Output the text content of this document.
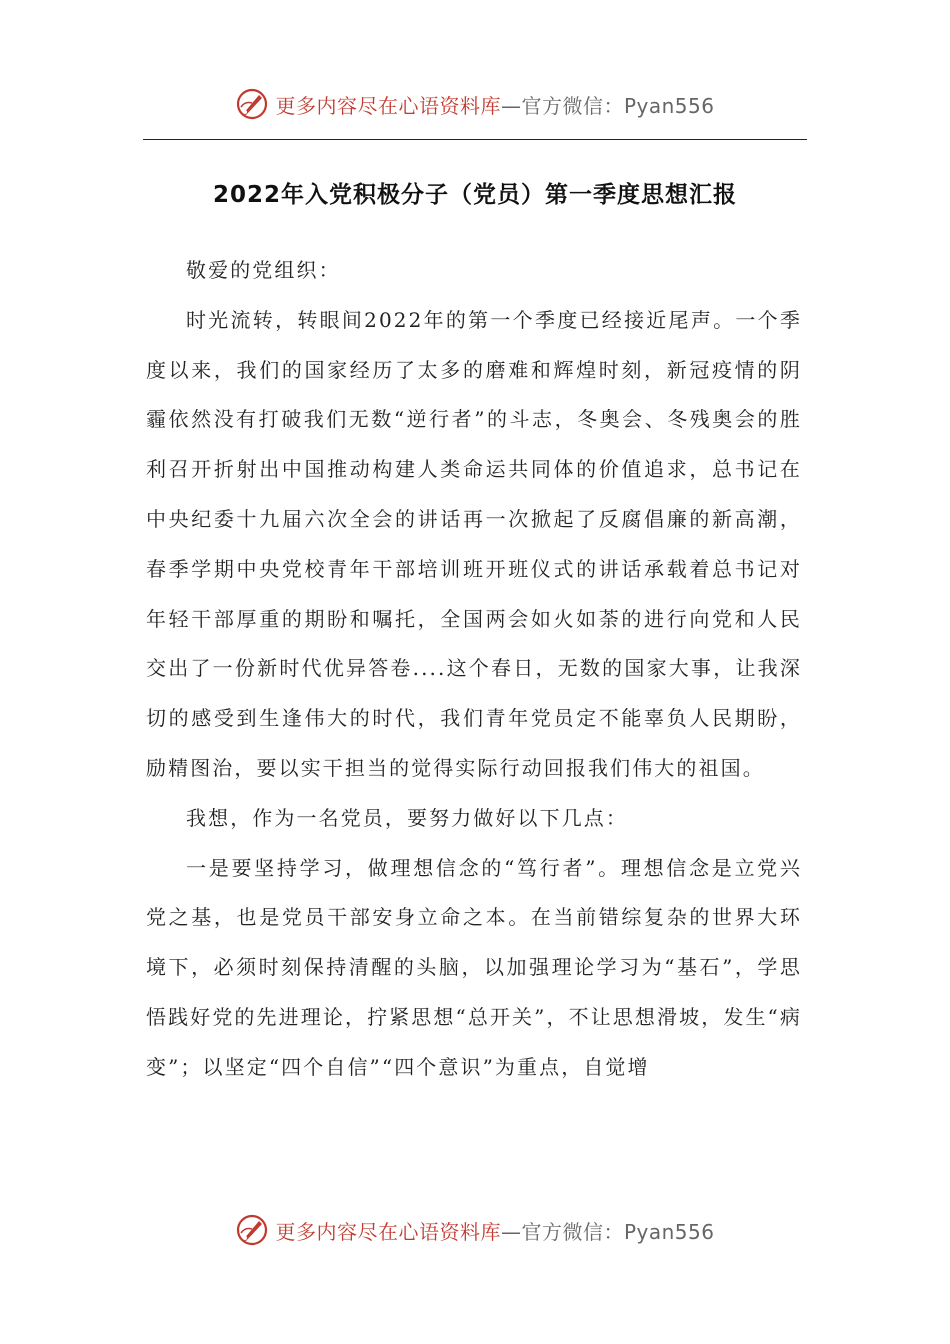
更多内容尽在心语资料库—官方微信：Pyan556
2022年入党积极分子（党员）第一季度思想汇报

敬爱的党组织：

时光流转，转眼间2022年的第一个季度已经接近尾声。一个季度以来，我们的国家经历了太多的磨难和辉煌时刻，新冠疫情的阴霾依然没有打破我们无数“逆行者”的斗志，冬奥会、冬残奥会的胜利召开折射出中国推动构建人类命运共同体的价值追求，总书记在中央纪委十九届六次全会的讲话再一次掀起了反腐倡廉的新高潮，春季学期中央党校青年干部培训班开班仪式的讲话承载着总书记对年轻干部厚重的期盼和嘱托，全国两会如火如荼的进行向党和人民交出了一份新时代优异答卷....这个春日，无数的国家大事，让我深切的感受到生逢伟大的时代，我们青年党员定不能辜负人民期盼，励精图治，要以实干担当的觉得实际行动回报我们伟大的祖国。

我想，作为一名党员，要努力做好以下几点：

一是要坚持学习，做理想信念的“笃行者”。理想信念是立党兴党之基，也是党员干部安身立命之本。在当前错综复杂的世界大环境下，必须时刻保持清醒的头脑，以加强理论学习为“基石”，学思悟践好党的先进理论，拧紧思想“总开关”，不让思想滑坡，发生“病变”；以坚定“四个自信”“四个意识”为重点，自觉增

更多内容尽在心语资料库—官方微信：Pyan556
